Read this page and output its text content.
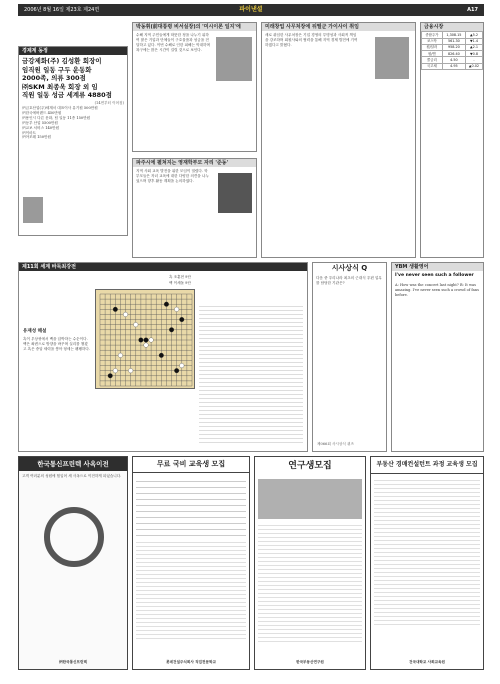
2006년 8월 16일 제23호 제24면	파이낸셜	A17
경제계 동정
금강제화(주) 김성환 회장이
임직원 일동 구두 운동화
2000족, 의류 300점
㈜SKM 최종욱 회장 외 임
직원 일동 성금 세계류 4880점
(14면부터 이어짐)
㈜금호산업(주)세계서 대표이사 유기원 500만원
㈜한국에버랜드 450만원
㈜용인시 다른 문화, 팀 일동 11종 150만원
㈜동부 산업 5500만원
㈜교보 서비스 140만원
㈜이마트
㈜아모레 150만원
박동휘(前대통령 비서실장)의 '미시이론 일지'에
수해 지역 주민들에게 따뜻한 정을 나누기 위하여 많은 기업과 단체들이 구호물품과 성금을 전달하고 있다. 이번 수해로 인한 피해는 막대하며 복구에는 많은 시간이 걸릴 것으로 보인다.
파주시에 펼쳐지는 영재학부모 자리 '준동'
지역 사회 교육 발전을 위한 모임이 열렸다. 학부모들은 자녀 교육에 대한 다양한 의견을 나누었으며 향후 활동 계획을 논의하였다.
미래창업 사무처장에 뒤떨군 가이사이 취임
새로 취임한 사무처장은 기업 경영의 투명성과 사회적 책임을 강조하며 회원사와의 협력을 통해 지역 경제 발전에 기여하겠다고 밝혔다.
금융시장
종합주가	1,308.15	▲5.2
코스닥	561.30	▼1.4
원/달러	958.20	▲2.1
원/엔	826.40	▼0.8
콜금리	4.50	-
국고채	4.95	▲0.02
제11회 세계 바둑최강전
흑 조훈현 9단
백 이세돌 9단
유재성 해설
흑이 우상귀에서 백을 압박하는 수순이다. 백은 좌변으로 방향을 바꾸며 실리를 챙겼고 흑은 중앙 세력을 쌓아 형세는 팽팽하다.
시사상식 Q
다음 중 우리나라 최초의 근대식 우편 업무를 담당한 기관은?
제066회 사시상식 퀴즈
YBM 생활영어
I've never seen such a follower
A: How was the concert last night? B: It was amazing. I've never seen such a crowd of fans before.
한국통신프린텍 사옥이전
고객 여러분의 성원에 힘입어 새 사옥으로 이전하게 되었습니다.
㈜한국통신프린텍
무료 국비 교육생 모집
롯데건설주식회사 직업전문학교
연구생모집
한국부동산연구원
부동산 경매컨설턴트 과정 교육생 모집
건국대학교 사회교육원
